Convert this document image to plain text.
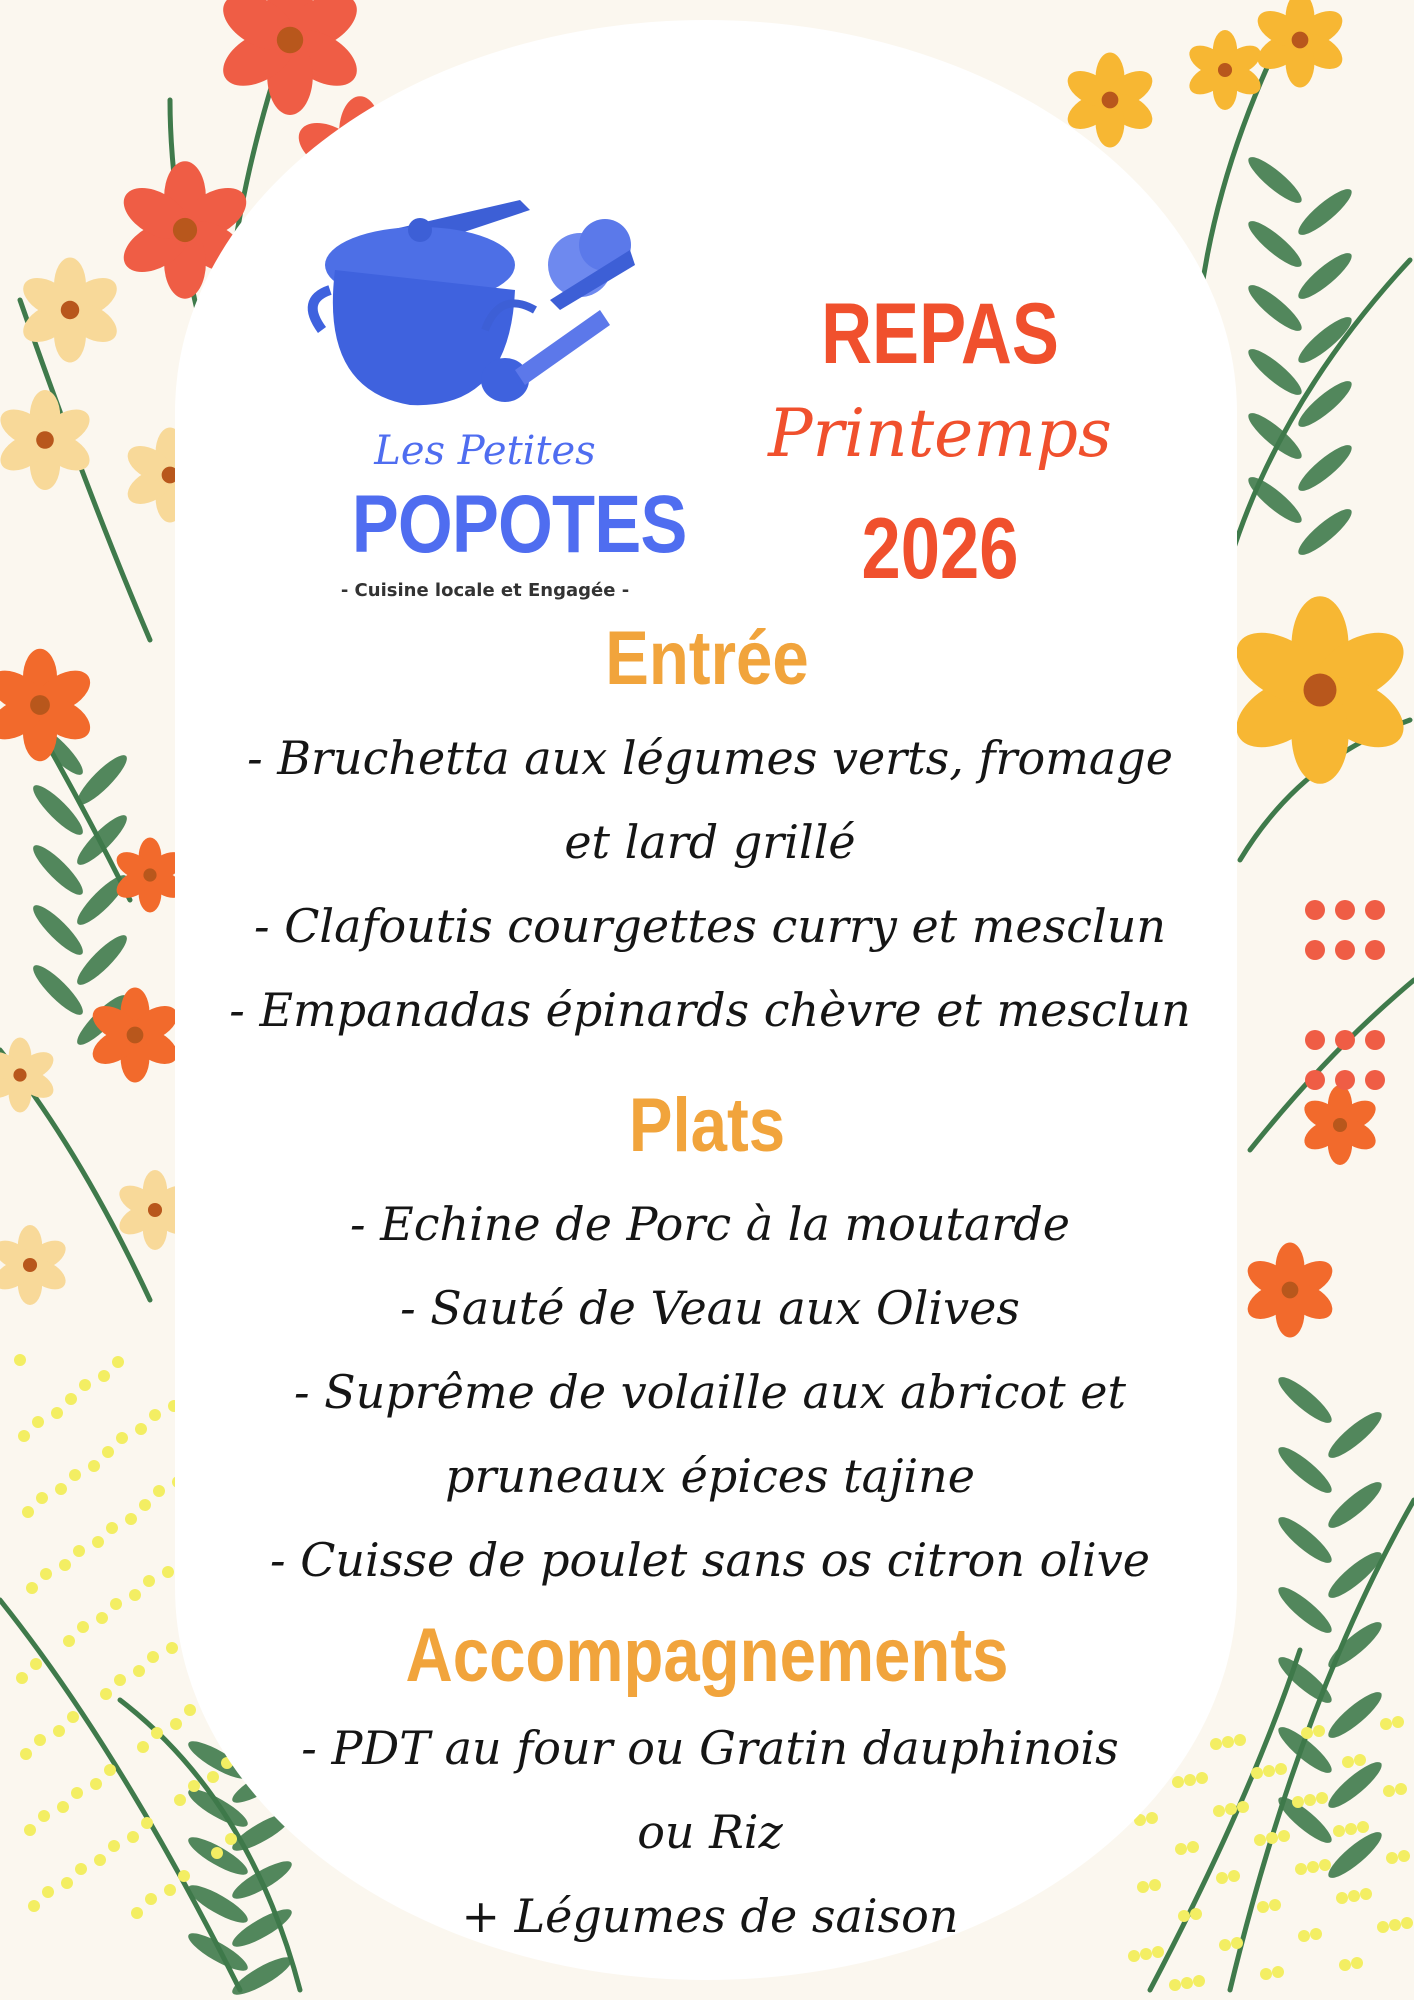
Les Petites
POPOTES
- Cuisine locale et Engagée -
REPAS
Printemps
2026
Entrée
- Bruchetta aux légumes verts, fromage
et lard grillé
- Clafoutis courgettes curry et mesclun
- Empanadas épinards chèvre et mesclun
Plats
- Echine de Porc à la moutarde
- Sauté de Veau aux Olives
- Suprême de volaille aux abricot et
pruneaux épices tajine
- Cuisse de poulet sans os citron olive
Accompagnements
- PDT au four ou Gratin dauphinois
ou Riz
+ Légumes de saison
